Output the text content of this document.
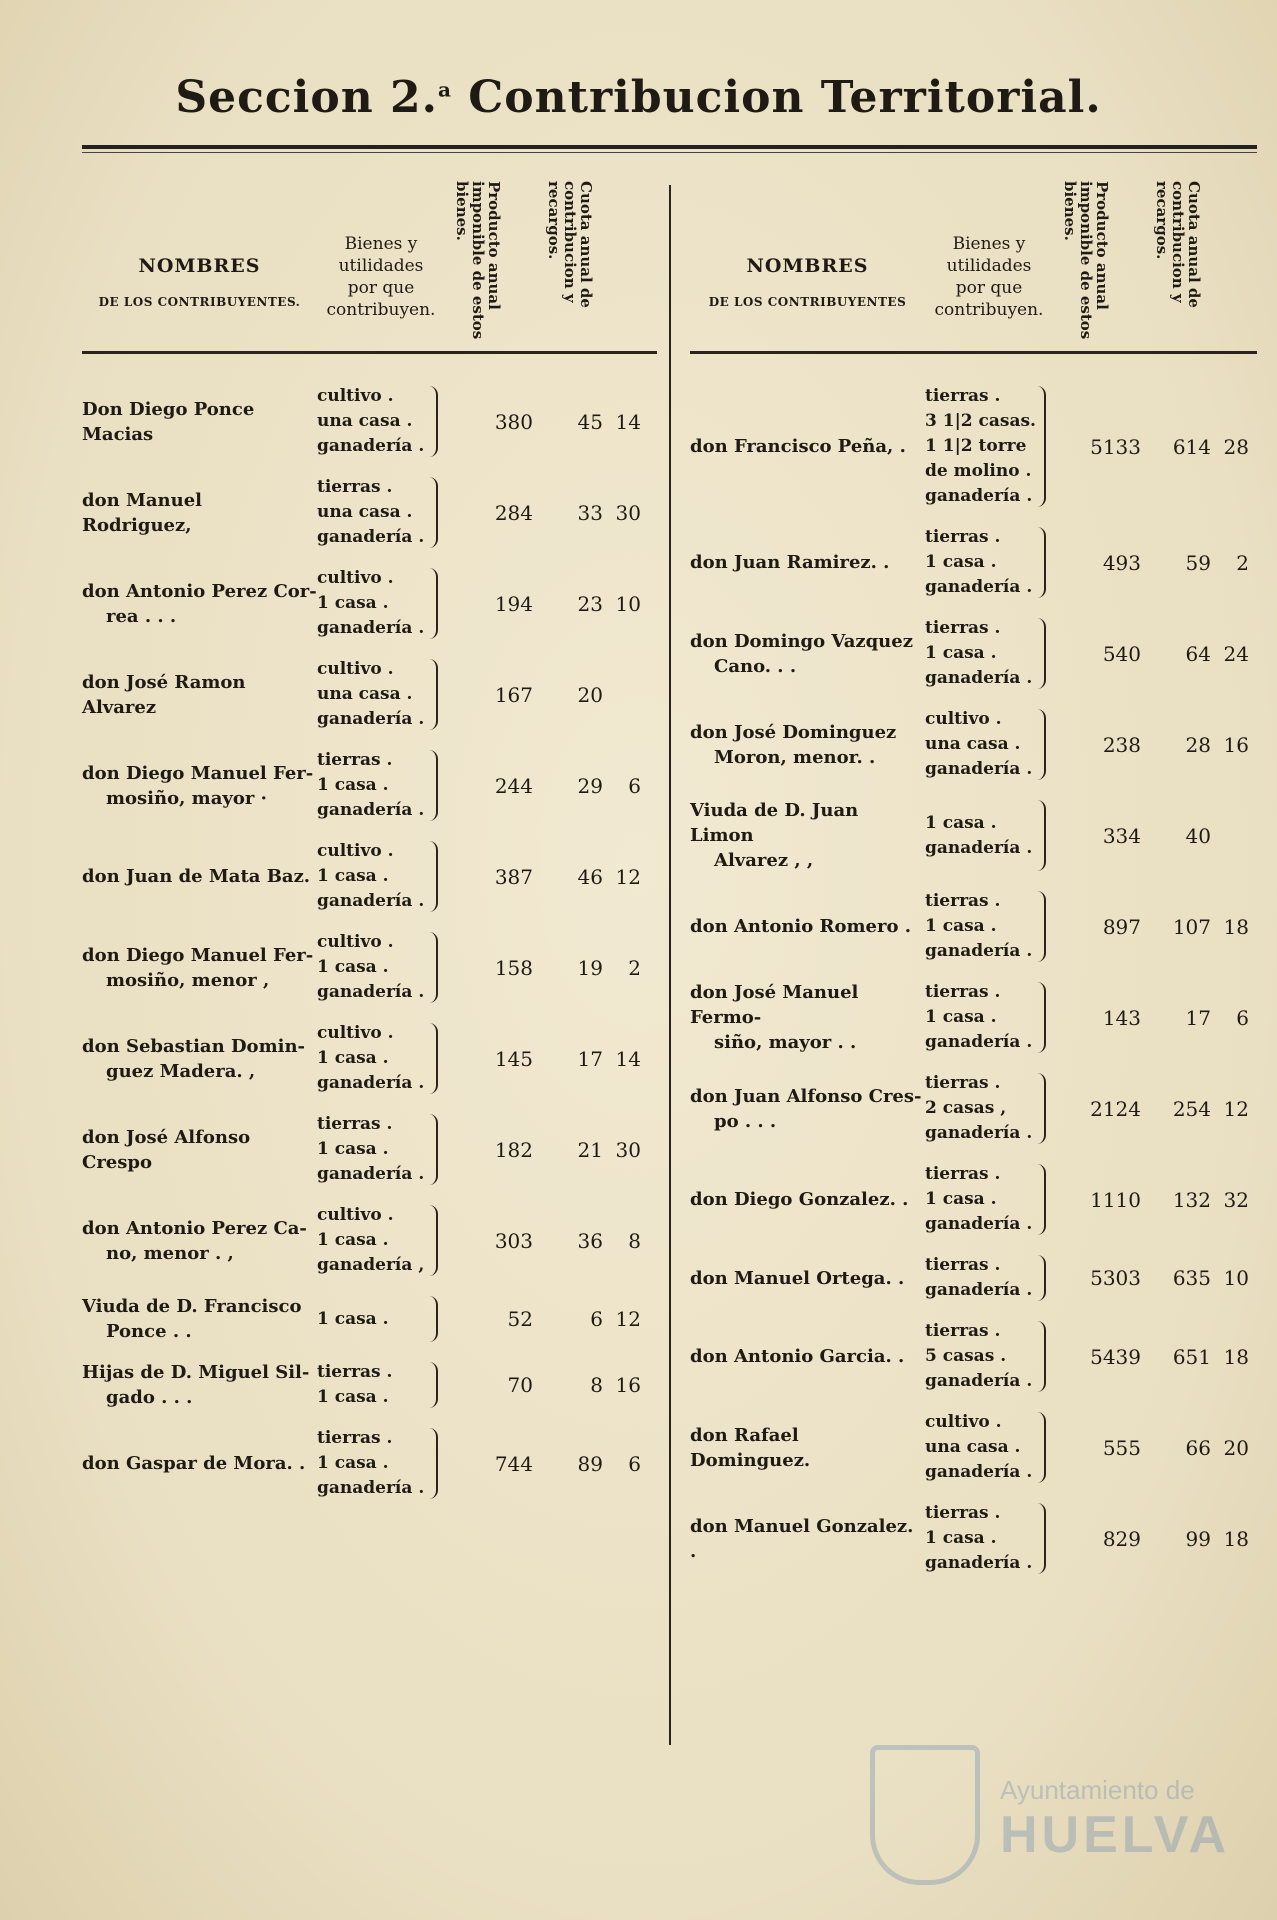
Seccion 2.$^a$ Contribucion Territorial.
NOMBRES
DE LOS CONTRIBUYENTES.
Bienes y utilidades por que contribuyen.
Producto anual imponible de estos bienes.	Cuota anual de contribucion y recargos.
Don Diego Ponce Macias
cultivo .
una casa .
ganadería .
380	45 14
don Manuel Rodriguez,
tierras .
una casa .
ganadería .
284	33 30
don Antonio Perez Cor-
rea . . .
cultivo .
1 casa .
ganadería .
194	23 10
don José Ramon Alvarez
cultivo .
una casa .
ganadería .
167	20
don Diego Manuel Fer-
mosiño, mayor ·
tierras .
1 casa .
ganadería .
244	29	6
don Juan de Mata Baz.
cultivo .
1 casa .
ganadería .
387	46 12
don Diego Manuel Fer-
mosiño, menor ,
cultivo .
1 casa .
ganadería .
158	19	2
don Sebastian Domin-
guez Madera. ,
cultivo .
1 casa .
ganadería .
145	17 14
don José Alfonso Crespo
tierras .
1 casa .
ganadería .
182	21 30
don Antonio Perez Ca-
no, menor . ,
cultivo .
1 casa .
ganadería ,
303	36	8
Viuda de D. Francisco
Ponce . .
1 casa .	52	6 12
Hijas de D. Miguel Sil-
gado . . .
tierras .
1 casa .	70	8 16
don Gaspar de Mora. .
tierras .
1 casa .
ganadería .
744	89	6
NOMBRES
DE LOS CONTRIBUYENTES
Bienes y utilidades por que contribuyen.
Producto anual imponible de estos bienes.	Cuota anual de contribucion y recargos.
don Francisco Peña, .
tierras .
3 1|2 casas.
1 1|2 torre
de molino .
ganadería .
5133	614 28
don Juan Ramirez. .
tierras .
1 casa .
ganadería .
493	59	2
don Domingo Vazquez
Cano. . .
tierras .
1 casa .
ganadería .
540	64 24
don José Dominguez
Moron, menor. .
cultivo .
una casa .
ganadería .
238	28 16
Viuda de D. Juan Limon
Alvarez , ,
1 casa .
ganadería .	334	40
don Antonio Romero .
tierras .
1 casa .
ganadería .
897	107 18
don José Manuel Fermo-
siño, mayor . .
tierras .
1 casa .
ganadería .
143	17	6
don Juan Alfonso Cres-
po . . .
tierras .
2 casas ,
ganadería .
2124	254 12
don Diego Gonzalez. .
tierras .
1 casa .
ganadería .
1110	132 32
don Manuel Ortega. .
tierras .
ganadería .	5303	635 10
don Antonio Garcia. .
tierras .
5 casas .
ganadería .
5439	651 18
don Rafael Dominguez.
cultivo .
una casa .
ganadería .
555	66 20
don Manuel Gonzalez. .
tierras .
1 casa .
ganadería .
829	99 18
Ayuntamiento de
HUELVA
